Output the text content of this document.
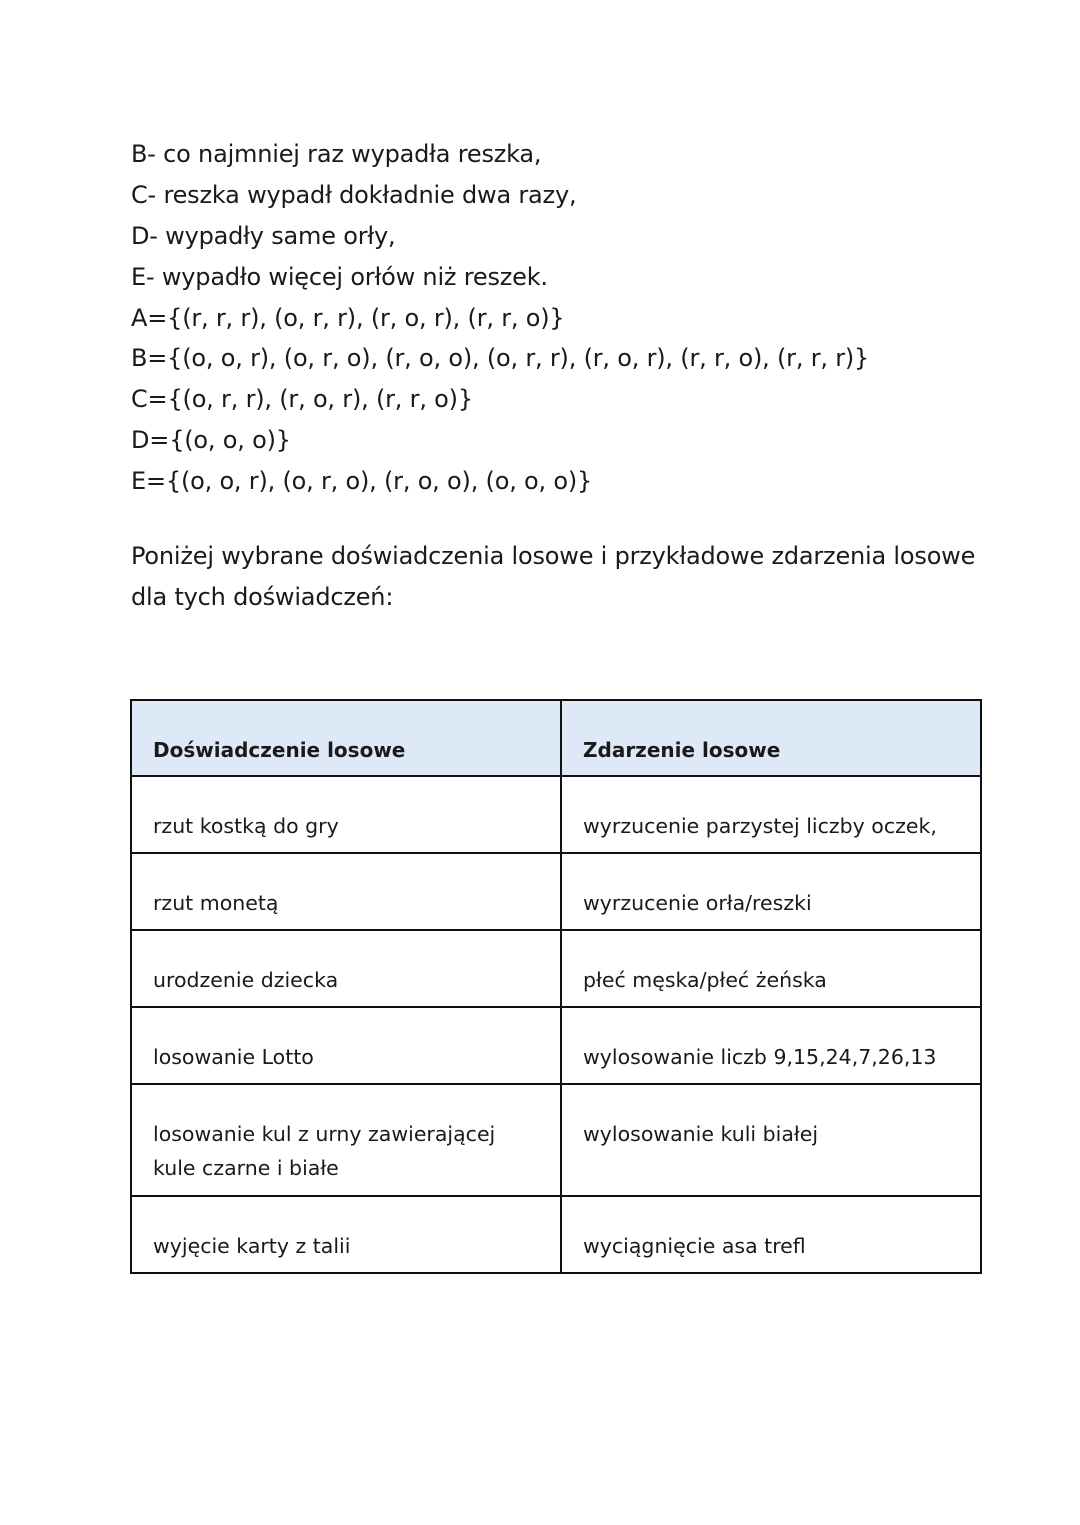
B- co najmniej raz wypadła reszka,
C- reszka wypadł dokładnie dwa razy,
D- wypadły same orły,
E- wypadło więcej orłów niż reszek.
A={(r, r, r), (o, r, r), (r, o, r), (r, r, o)}
B={(o, o, r), (o, r, o), (r, o, o), (o, r, r), (r, o, r), (r, r, o), (r, r, r)}
C={(o, r, r), (r, o, r), (r, r, o)}
D={(o, o, o)}
E={(o, o, r), (o, r, o), (r, o, o), (o, o, o)}
Poniżej wybrane doświadczenia losowe i przykładowe zdarzenia losowe
dla tych doświadczeń:
Doświadczenie losowe	Zdarzenie losowe
rzut kostką do gry	wyrzucenie parzystej liczby oczek,
rzut monetą	wyrzucenie orła/reszki
urodzenie dziecka	płeć męska/płeć żeńska
losowanie Lotto	wylosowanie liczb 9,15,24,7,26,13
losowanie kul z urny zawierającej kule czarne i białe	wylosowanie kuli białej
wyjęcie karty z talii	wyciągnięcie asa trefl
